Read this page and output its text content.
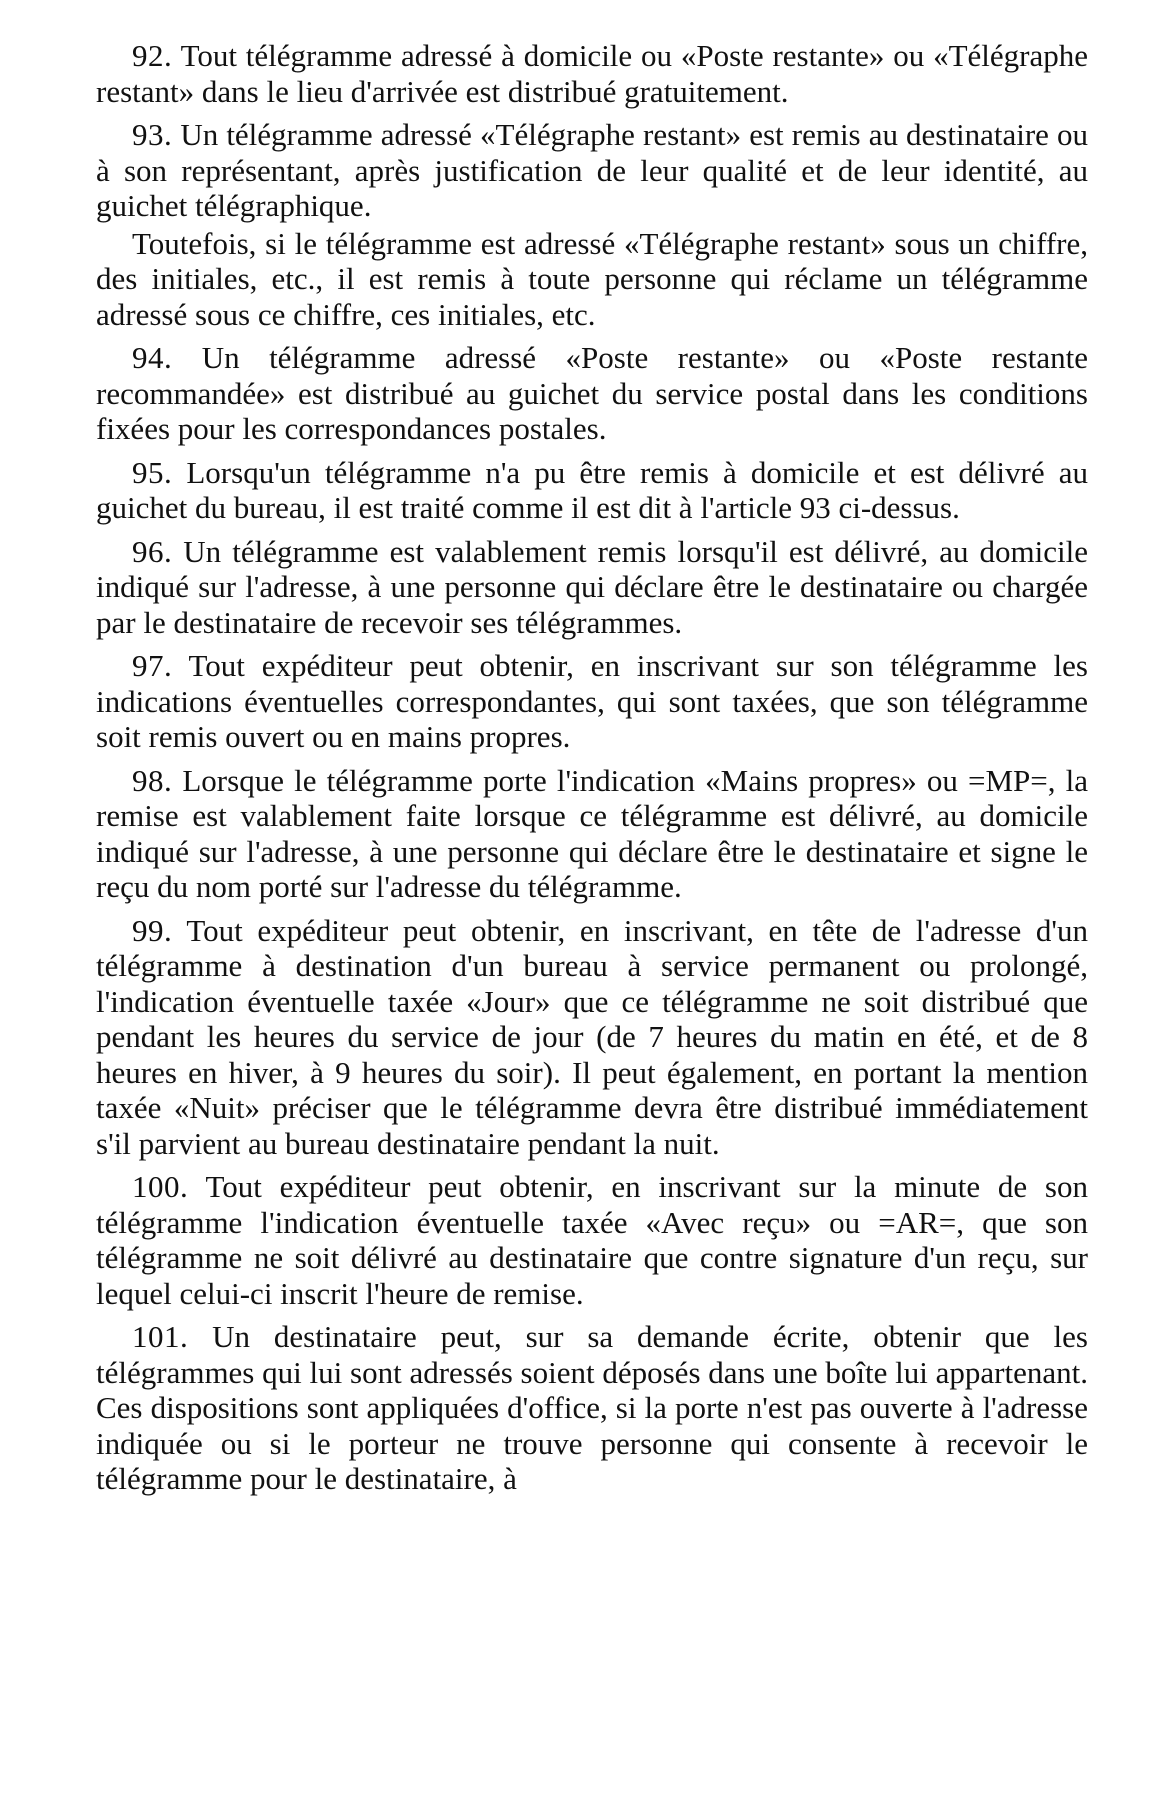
92. Tout télégramme adressé à domicile ou «Poste restante» ou «Télégraphe restant» dans le lieu d'arrivée est distribué gratuitement.

93. Un télégramme adressé «Télégraphe restant» est remis au destinataire ou à son représentant, après justification de leur qualité et de leur identité, au guichet télégraphique.

Toutefois, si le télégramme est adressé «Télégraphe restant» sous un chiffre, des initiales, etc., il est remis à toute personne qui réclame un télégramme adressé sous ce chiffre, ces initiales, etc.

94. Un télégramme adressé «Poste restante» ou «Poste restante recommandée» est distribué au guichet du service postal dans les conditions fixées pour les correspondances postales.

95. Lorsqu'un télégramme n'a pu être remis à domicile et est délivré au guichet du bureau, il est traité comme il est dit à l'article 93 ci-dessus.

96. Un télégramme est valablement remis lorsqu'il est délivré, au domicile indiqué sur l'adresse, à une personne qui déclare être le destinataire ou chargée par le destinataire de recevoir ses télégrammes.

97. Tout expéditeur peut obtenir, en inscrivant sur son télégramme les indications éventuelles correspondantes, qui sont taxées, que son télégramme soit remis ouvert ou en mains propres.

98. Lorsque le télégramme porte l'indication «Mains propres» ou =MP=, la remise est valablement faite lorsque ce télégramme est délivré, au domicile indiqué sur l'adresse, à une personne qui déclare être le destinataire et signe le reçu du nom porté sur l'adresse du télégramme.

99. Tout expéditeur peut obtenir, en inscrivant, en tête de l'adresse d'un télégramme à destination d'un bureau à service permanent ou prolongé, l'indication éventuelle taxée «Jour» que ce télégramme ne soit distribué que pendant les heures du service de jour (de 7 heures du matin en été, et de 8 heures en hiver, à 9 heures du soir). Il peut également, en portant la mention taxée «Nuit» préciser que le télégramme devra être distribué immédiatement s'il parvient au bureau destinataire pendant la nuit.

100. Tout expéditeur peut obtenir, en inscrivant sur la minute de son télégramme l'indication éventuelle taxée «Avec reçu» ou =AR=, que son télégramme ne soit délivré au destinataire que contre signature d'un reçu, sur lequel celui-ci inscrit l'heure de remise.

101. Un destinataire peut, sur sa demande écrite, obtenir que les télégrammes qui lui sont adressés soient déposés dans une boîte lui appartenant. Ces dispositions sont appliquées d'office, si la porte n'est pas ouverte à l'adresse indiquée ou si le porteur ne trouve personne qui consente à recevoir le télégramme pour le destinataire, à
